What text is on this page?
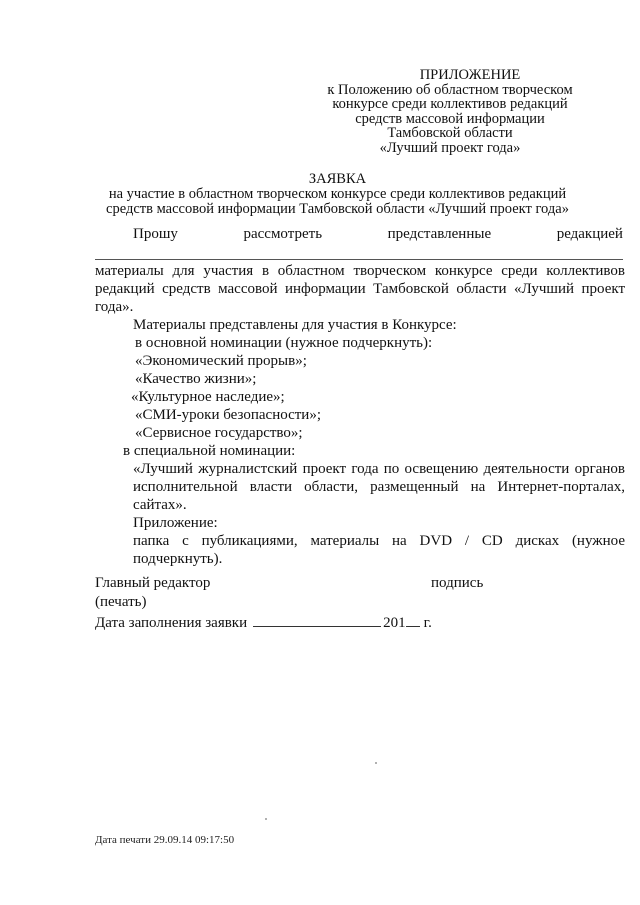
ПРИЛОЖЕНИЕ
к Положению об областном творческом
конкурсе среди коллективов редакций
средств массовой информации
Тамбовской области
«Лучший проект года»
ЗАЯВКА
на участие в областном творческом конкурсе среди коллективов редакций
средств массовой информации Тамбовской области «Лучший проект года»
Прошу	рассмотреть	представленные	редакцией

материалы для участия в областном творческом конкурсе среди коллективов редакций средств массовой информации Тамбовской области «Лучший проект года».

Материалы представлены для участия в Конкурсе:

в основной номинации (нужное подчеркнуть):

«Экономический прорыв»;

«Качество жизни»;

«Культурное наследие»;

«СМИ-уроки безопасности»;

«Сервисное государство»;

в специальной номинации:

«Лучший журналистский проект года по освещению деятельности органов исполнительной власти области, размещенный на Интернет-порталах, сайтах».

Приложение:

папка с публикациями, материалы на DVD / CD дисках (нужное подчеркнуть).

Главный редактор	подпись
(печать)
Дата заполнения заявки	201 г.
Дата печати 29.09.14 09:17:50
